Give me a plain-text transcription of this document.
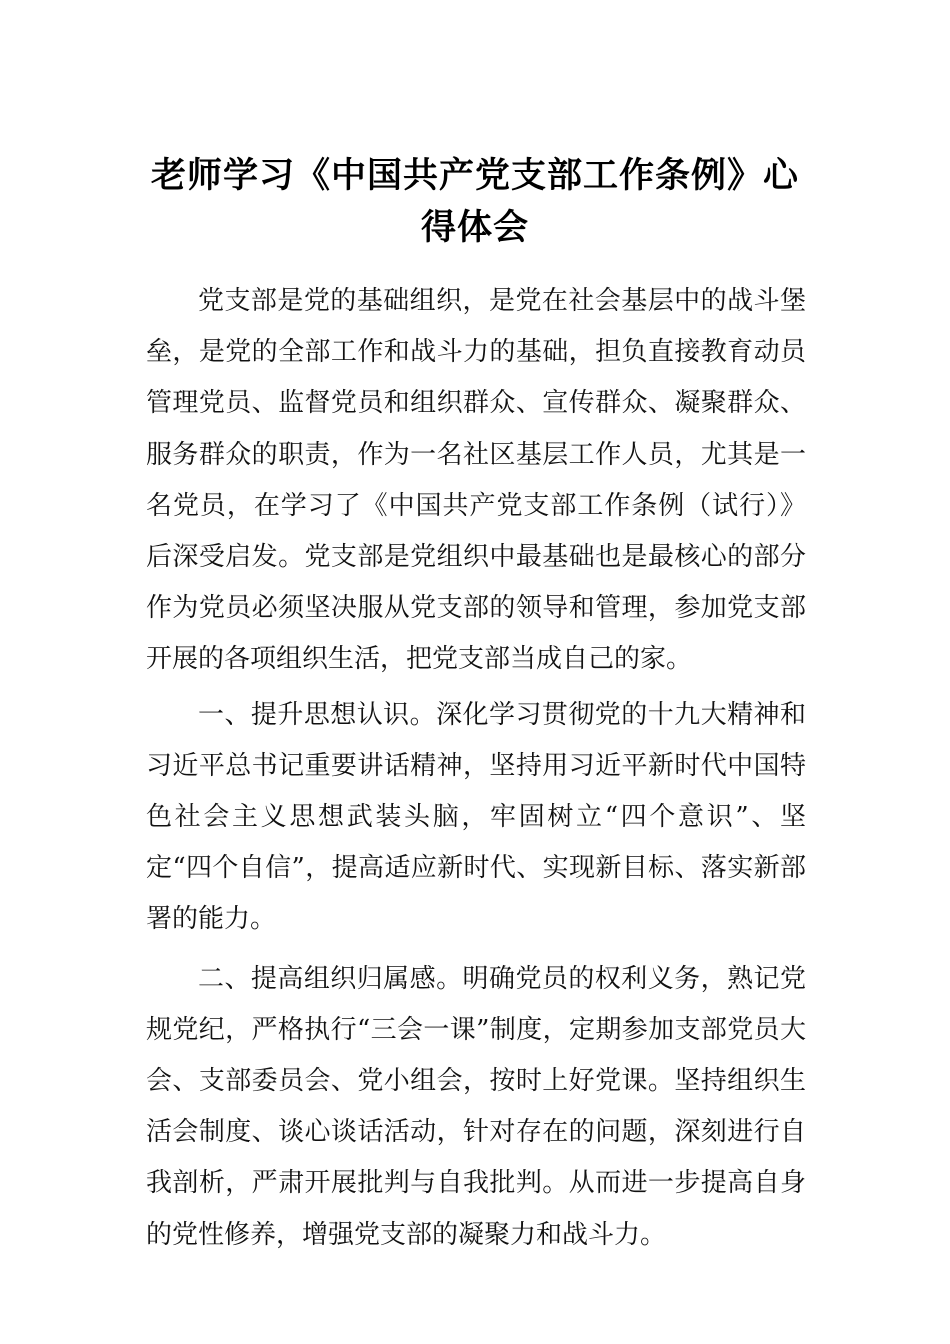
老师学习《中国共产党支部工作条例》心得体会

党支部是党的基础组织，是党在社会基层中的战斗堡垒，是党的全部工作和战斗力的基础，担负直接教育动员管理党员、监督党员和组织群众、宣传群众、凝聚群众、服务群众的职责，作为一名社区基层工作人员，尤其是一名党员，在学习了《中国共产党支部工作条例（试行）》后深受启发。党支部是党组织中最基础也是最核心的部分作为党员必须坚决服从党支部的领导和管理，参加党支部开展的各项组织生活，把党支部当成自己的家。

一、提升思想认识。深化学习贯彻党的十九大精神和习近平总书记重要讲话精神，坚持用习近平新时代中国特色社会主义思想武装头脑，牢固树立“四个意识”、坚定“四个自信”，提高适应新时代、实现新目标、落实新部署的能力。

二、提高组织归属感。明确党员的权利义务，熟记党规党纪，严格执行“三会一课”制度，定期参加支部党员大会、支部委员会、党小组会，按时上好党课。坚持组织生活会制度、谈心谈话活动，针对存在的问题，深刻进行自我剖析，严肃开展批判与自我批判。从而进一步提高自身的党性修养，增强党支部的凝聚力和战斗力。
